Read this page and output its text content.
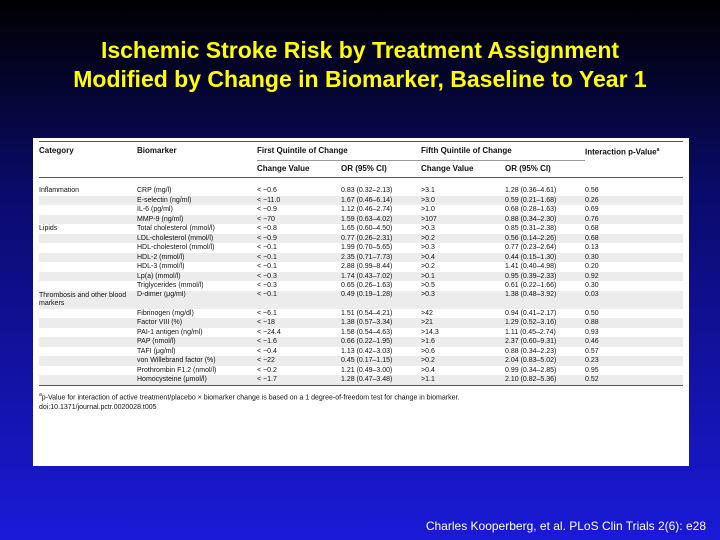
Ischemic Stroke Risk by Treatment Assignment
Modified by Change in Biomarker, Baseline to Year 1
Category	Biomarker	First Quintile of Change		Fifth Quintile of Change		Interaction p-Value$^a$
		Change Value	OR (95% CI)	Change Value	OR (95% CI)	

Inflammation	CRP (mg/l)	< −0.6	0.83 (0.32–2.13)	>3.1	1.28 (0.36–4.61)	0.56
	E-selectin (ng/ml)	< −11.0	1.67 (0.46–6.14)	>3.0	0.59 (0.21–1.68)	0.26
	IL-6 (pg/ml)	< −0.9	1.12 (0.46–2.74)	>1.0	0.68 (0.28–1.63)	0.69
	MMP-9 (ng/ml)	< −70	1.59 (0.63–4.02)	>107	0.88 (0.34–2.30)	0.76
Lipids	Total cholesterol (mmol/l)	< −0.8	1.65 (0.60–4.50)	>0.3	0.85 (0.31–2.38)	0.68
	LDL-cholesterol (mmol/l)	< −0.9	0.77 (0.26–2.31)	>0.2	0.56 (0.14–2.26)	0.68
	HDL-cholesterol (mmol/l)	< −0.1	1.99 (0.70–5.65)	>0.3	0.77 (0.23–2.64)	0.13
	HDL-2 (mmol/l)	< −0.1	2.35 (0.71–7.73)	>0.4	0.44 (0.15–1.30)	0.30
	HDL-3 (mmol/l)	< −0.1	2.88 (0.99–8.44)	>0.2	1.41 (0.40–4.98)	0.20
	Lp(a) (mmol/l)	< −0.3	1.74 (0.43–7.02)	>0.1	0.95 (0.39–2.33)	0.92
	Triglycerides (mmol/l)	< −0.3	0.65 (0.26–1.63)	>0.5	0.61 (0.22–1.66)	0.30
Thrombosis and other blood markers	D-dimer (μg/ml)	< −0.1	0.49 (0.19–1.28)	>0.3	1.38 (0.48–3.92)	0.03
	Fibrinogen (mg/dl)	< −6.1	1.51 (0.54–4.21)	>42	0.94 (0.41–2.17)	0.50
	Factor VIII (%)	< −18	1.38 (0.57–3.34)	>21	1.29 (0.52–3.16)	0.88
	PAI-1 antigen (ng/ml)	< −24.4	1.58 (0.54–4.63)	>14.3	1.11 (0.45–2.74)	0.93
	PAP (nmol/l)	< −1.6	0.66 (0.22–1.95)	>1.6	2.37 (0.60–9.31)	0.46
	TAFI (μg/ml)	< −0.4	1.13 (0.42–3.03)	>0.6	0.88 (0.34–2.23)	0.57
	von Willebrand factor (%)	< −22	0.45 (0.17–1.15)	>0.2	2.04 (0.83–5.02)	0.23
	Prothrombin F1.2 (nmol/l)	< −0.2	1.21 (0.49–3.00)	>0.4	0.99 (0.34–2.85)	0.95
	Homocysteine (μmol/l)	< −1.7	1.28 (0.47–3.48)	>1.1	2.10 (0.82–5.36)	0.52
$^a$p-Value for interaction of active treatment/placebo × biomarker change is based on a 1 degree-of-freedom test for change in biomarker.
doi:10.1371/journal.pctr.0020028.t005
Charles Kooperberg, et al. PLoS Clin Trials 2(6): e28
